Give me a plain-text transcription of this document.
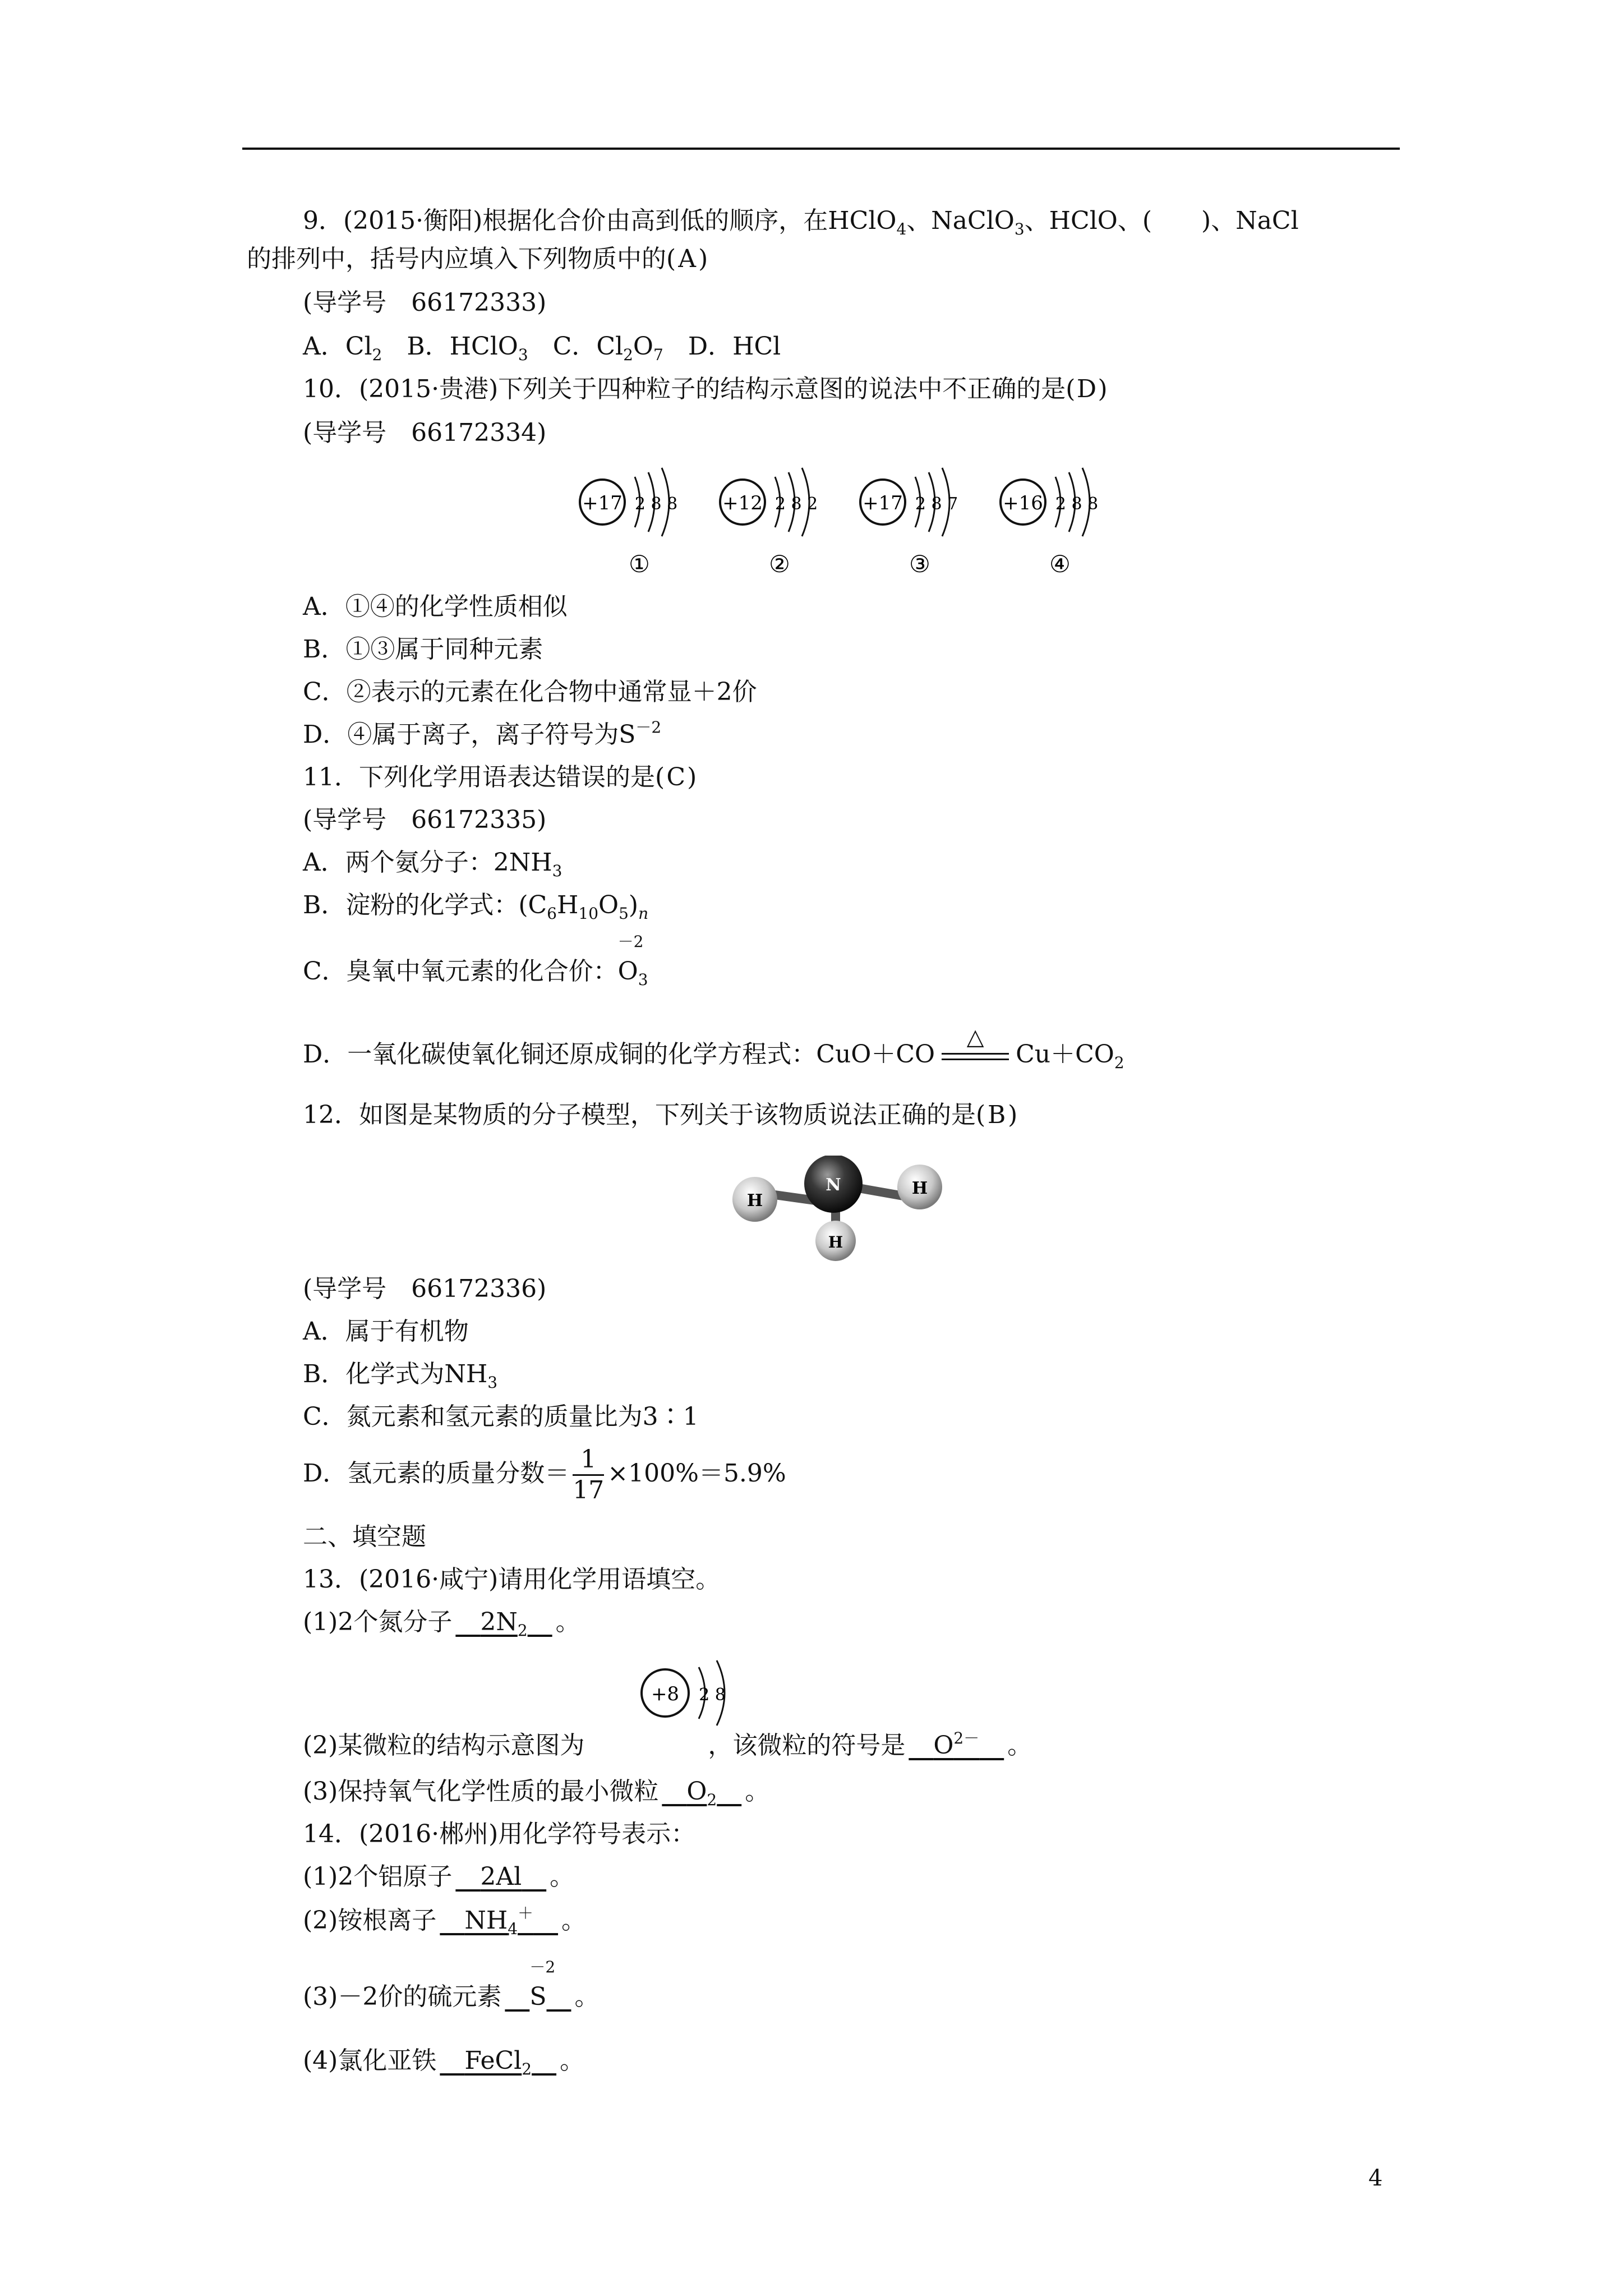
9．(2015·衡阳)根据化合价由高到低的顺序，在HClO$_4$、NaClO$_3$、HClO、(　　)、NaCl
的排列中，括号内应填入下列物质中的(A)
(导学号　66172333)
A．$Cl_2$　 B．HClO$_3$　 C．$Cl_2O_7$　 D．HCl
10．(2015·贵港)下列关于四种粒子的结构示意图的说法中不正确的是(D)
(导学号　66172334)
+17 2 8 8
①
+12 2 8 2
②
+17 2 8 7
③
+16 2 8 8
④
A．①④的化学性质相似
B．①③属于同种元素
C．②表示的元素在化合物中通常显＋2价
D．④属于离子，离子符号为$S^{-2}$
11．下列化学用语表达错误的是(C)
(导学号　66172335)
A．两个氨分子：$2NH_3$
B．淀粉的化学式：$(C_6H_{10}O_5)_n$
C．臭氧中氧元素的化合价：
－2
$O_3$
D．一氧化碳使氧化铜还原成铜的化学方程式：CuO＋CO
△
$Cu+CO_2$
12．如图是某物质的分子模型，下列关于该物质说法正确的是(B)
H
H
N
H
(导学号　66172336)
A．属于有机物
B．化学式为$NH_3$
C．氮元素和氢元素的质量比为3∶1
D．氢元素的质量分数＝ $\frac{1}{17} \times 100\%=5.9\%$
二、填空题
13．(2016·咸宁)请用化学用语填空。
(1)2个氮分子　 $2N_2$　 。
+8 2 8
(2)某微粒的结构示意图为	，该微粒的符号是　 $O^{2-}$　 。
(3)保持氧气化学性质的最小微粒　 $O_2$　 。
14．(2016·郴州)用化学符号表示：
(1)2个铝原子　 2Al　 。
(2)铵根离子　 $NH_4^+$　 。
(3)－2价的硫元素　
－2
S　 。
(4)氯化亚铁　 FeCl$_2$　 。
4
